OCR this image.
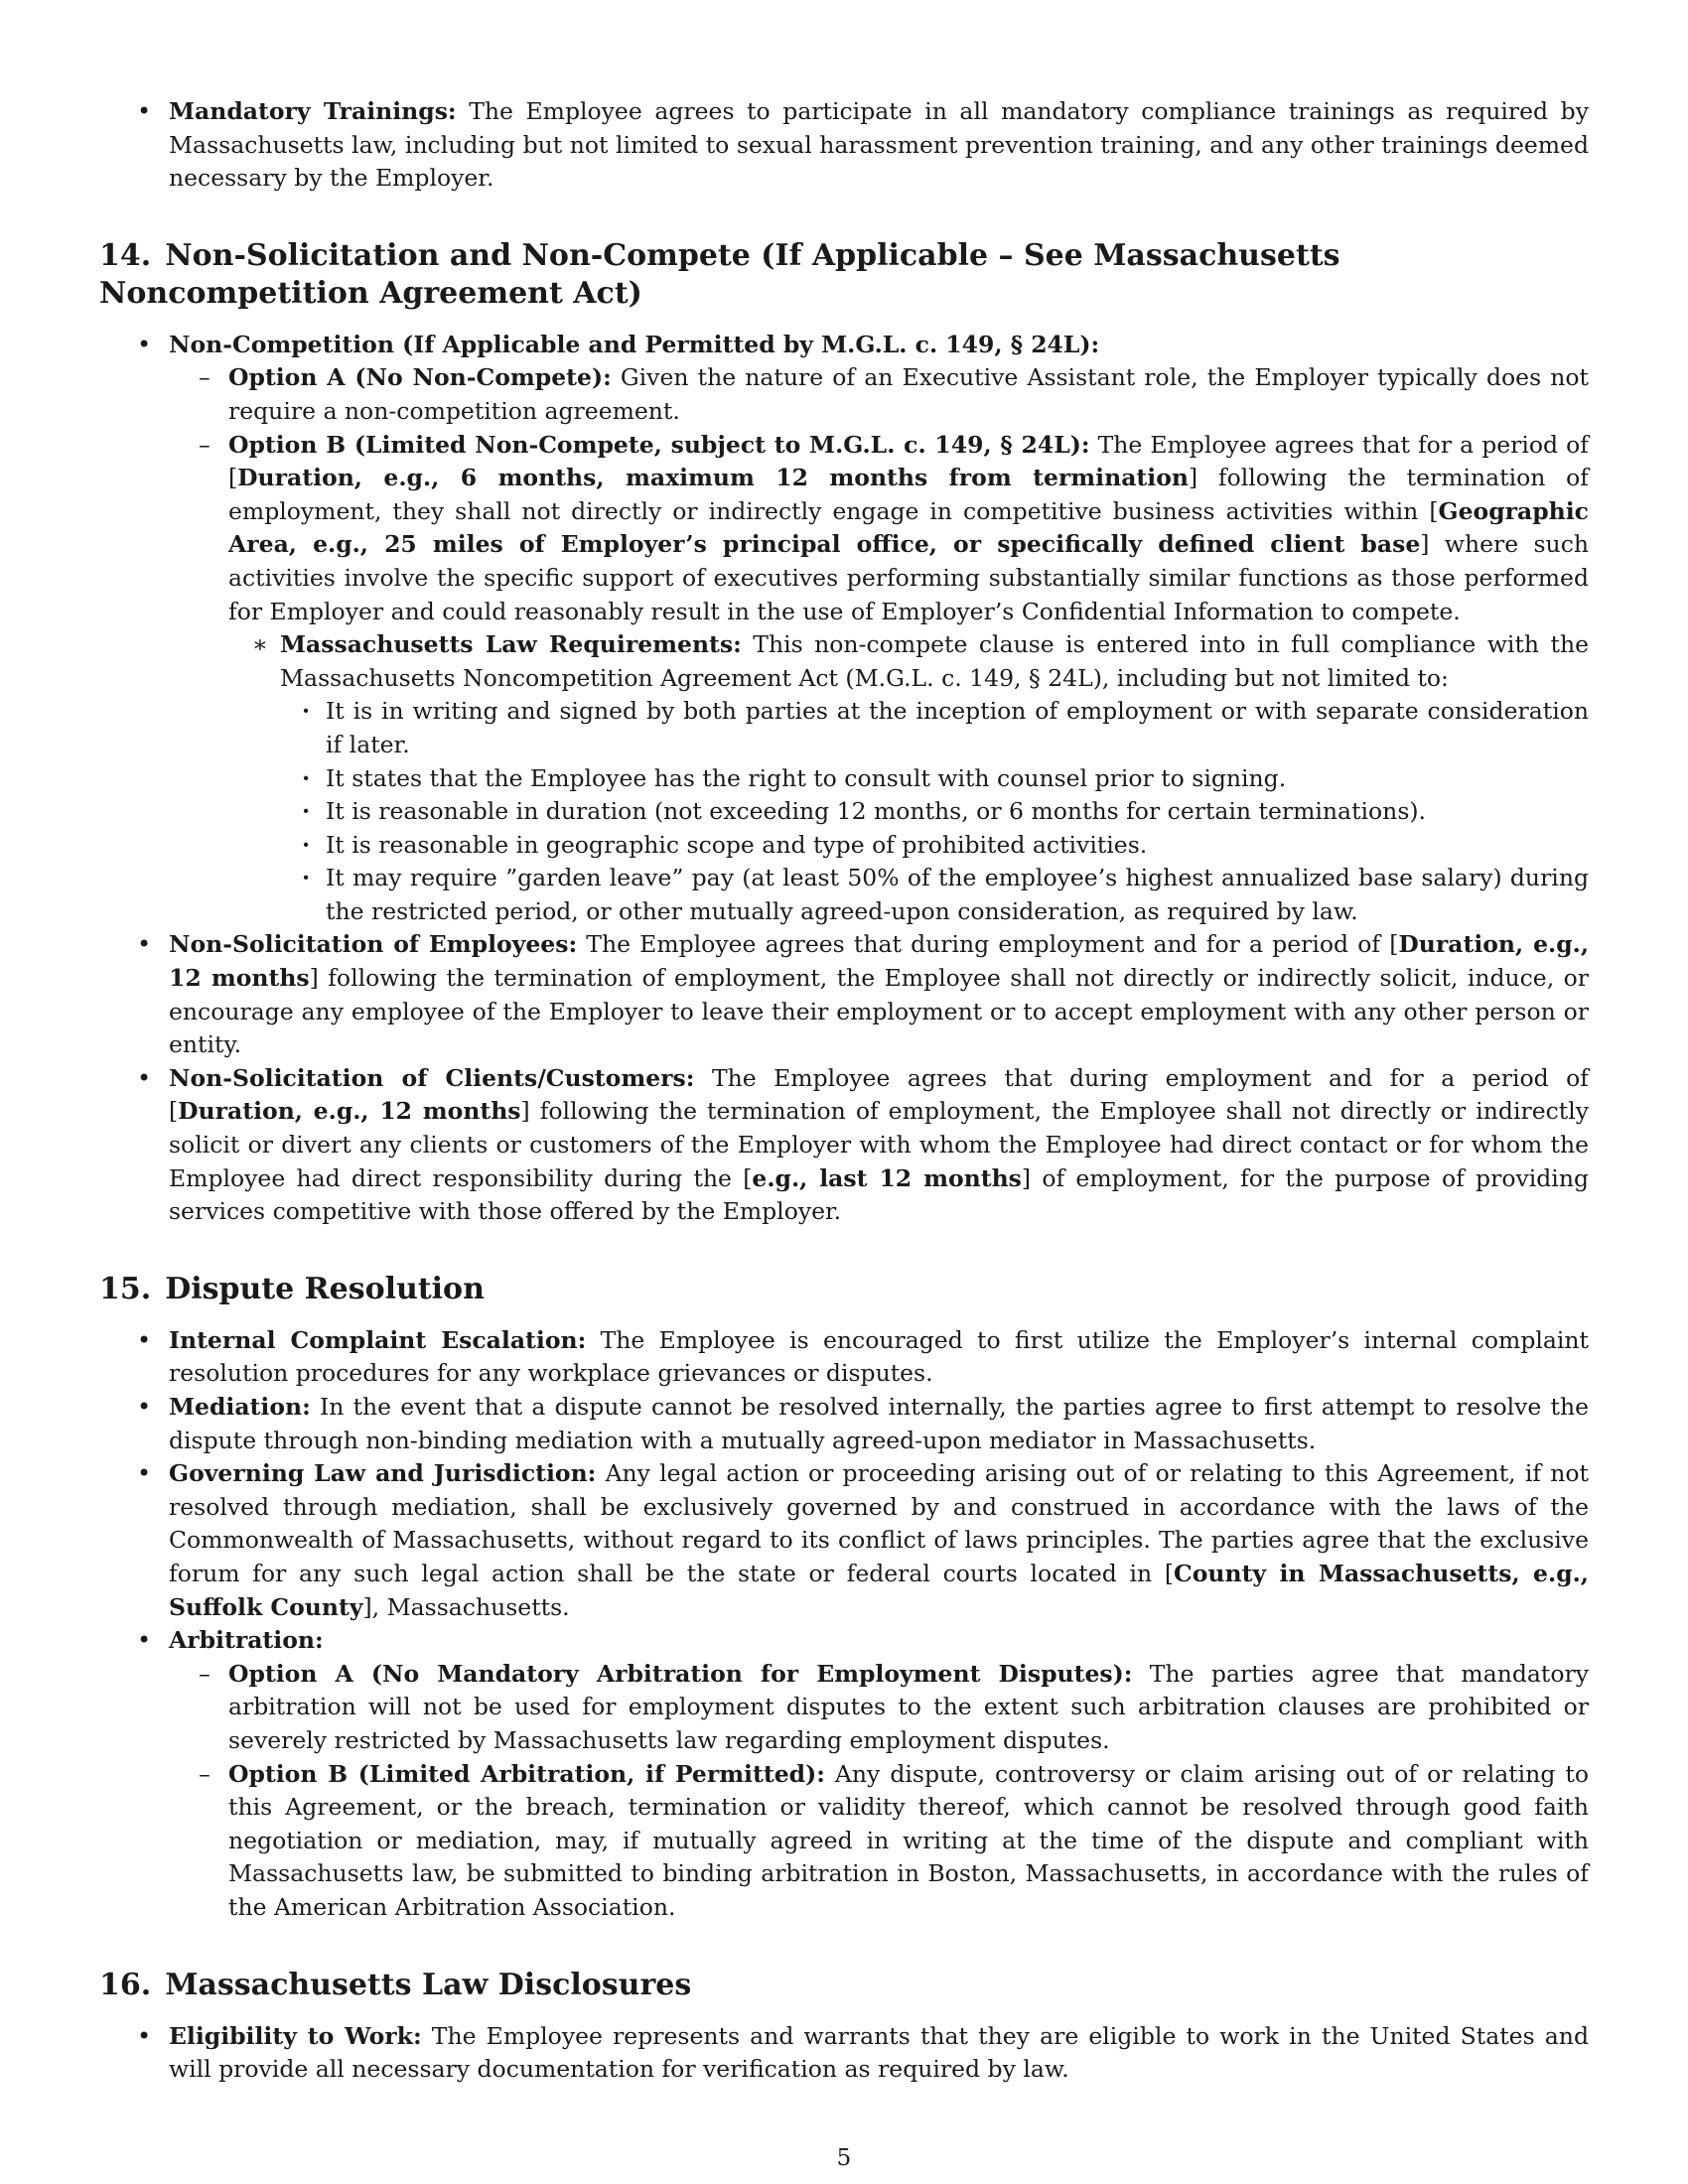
• Mandatory Trainings: The Employee agrees to participate in all mandatory compliance trainings as required by Massachusetts law, including but not limited to sexual harassment prevention training, and any other trainings deemed necessary by the Employer.
14. Non-Solicitation and Non-Compete (If Applicable – See Massachusetts Noncompetition Agreement Act)
• Non-Competition (If Applicable and Permitted by M.G.L. c. 149, § 24L):
– Option A (No Non-Compete): Given the nature of an Executive Assistant role, the Employer typically does not require a non-competition agreement.
– Option B (Limited Non-Compete, subject to M.G.L. c. 149, § 24L): The Employee agrees that for a period of [Duration, e.g., 6 months, maximum 12 months from termination] following the termination of employment, they shall not directly or indirectly engage in competitive business activities within [Geographic Area, e.g., 25 miles of Employer’s principal office, or specifically defined client base] where such activities involve the specific support of executives performing substantially similar functions as those performed for Employer and could reasonably result in the use of Employer’s Confidential Information to compete.
∗ Massachusetts Law Requirements: This non-compete clause is entered into in full compliance with the Massachusetts Noncompetition Agreement Act (M.G.L. c. 149, § 24L), including but not limited to:
· It is in writing and signed by both parties at the inception of employment or with separate consideration if later.
· It states that the Employee has the right to consult with counsel prior to signing.
· It is reasonable in duration (not exceeding 12 months, or 6 months for certain terminations).
· It is reasonable in geographic scope and type of prohibited activities.
· It may require ”garden leave” pay (at least 50% of the employee’s highest annualized base salary) during the restricted period, or other mutually agreed-upon consideration, as required by law.
• Non-Solicitation of Employees: The Employee agrees that during employment and for a period of [Duration, e.g., 12 months] following the termination of employment, the Employee shall not directly or indirectly solicit, induce, or encourage any employee of the Employer to leave their employment or to accept employment with any other person or entity.
• Non-Solicitation of Clients/Customers: The Employee agrees that during employment and for a period of [Duration, e.g., 12 months] following the termination of employment, the Employee shall not directly or indirectly solicit or divert any clients or customers of the Employer with whom the Employee had direct contact or for whom the Employee had direct responsibility during the [e.g., last 12 months] of employment, for the purpose of providing services competitive with those offered by the Employer.
15. Dispute Resolution
• Internal Complaint Escalation: The Employee is encouraged to first utilize the Employer’s internal complaint resolution procedures for any workplace grievances or disputes.
• Mediation: In the event that a dispute cannot be resolved internally, the parties agree to first attempt to resolve the dispute through non-binding mediation with a mutually agreed-upon mediator in Massachusetts.
• Governing Law and Jurisdiction: Any legal action or proceeding arising out of or relating to this Agreement, if not resolved through mediation, shall be exclusively governed by and construed in accordance with the laws of the Commonwealth of Massachusetts, without regard to its conflict of laws principles. The parties agree that the exclusive forum for any such legal action shall be the state or federal courts located in [County in Massachusetts, e.g., Suffolk County], Massachusetts.
• Arbitration:
– Option A (No Mandatory Arbitration for Employment Disputes): The parties agree that mandatory arbitration will not be used for employment disputes to the extent such arbitration clauses are prohibited or severely restricted by Massachusetts law regarding employment disputes.
– Option B (Limited Arbitration, if Permitted): Any dispute, controversy or claim arising out of or relating to this Agreement, or the breach, termination or validity thereof, which cannot be resolved through good faith negotiation or mediation, may, if mutually agreed in writing at the time of the dispute and compliant with Massachusetts law, be submitted to binding arbitration in Boston, Massachusetts, in accordance with the rules of the American Arbitration Association.
16. Massachusetts Law Disclosures
• Eligibility to Work: The Employee represents and warrants that they are eligible to work in the United States and will provide all necessary documentation for verification as required by law.
5
